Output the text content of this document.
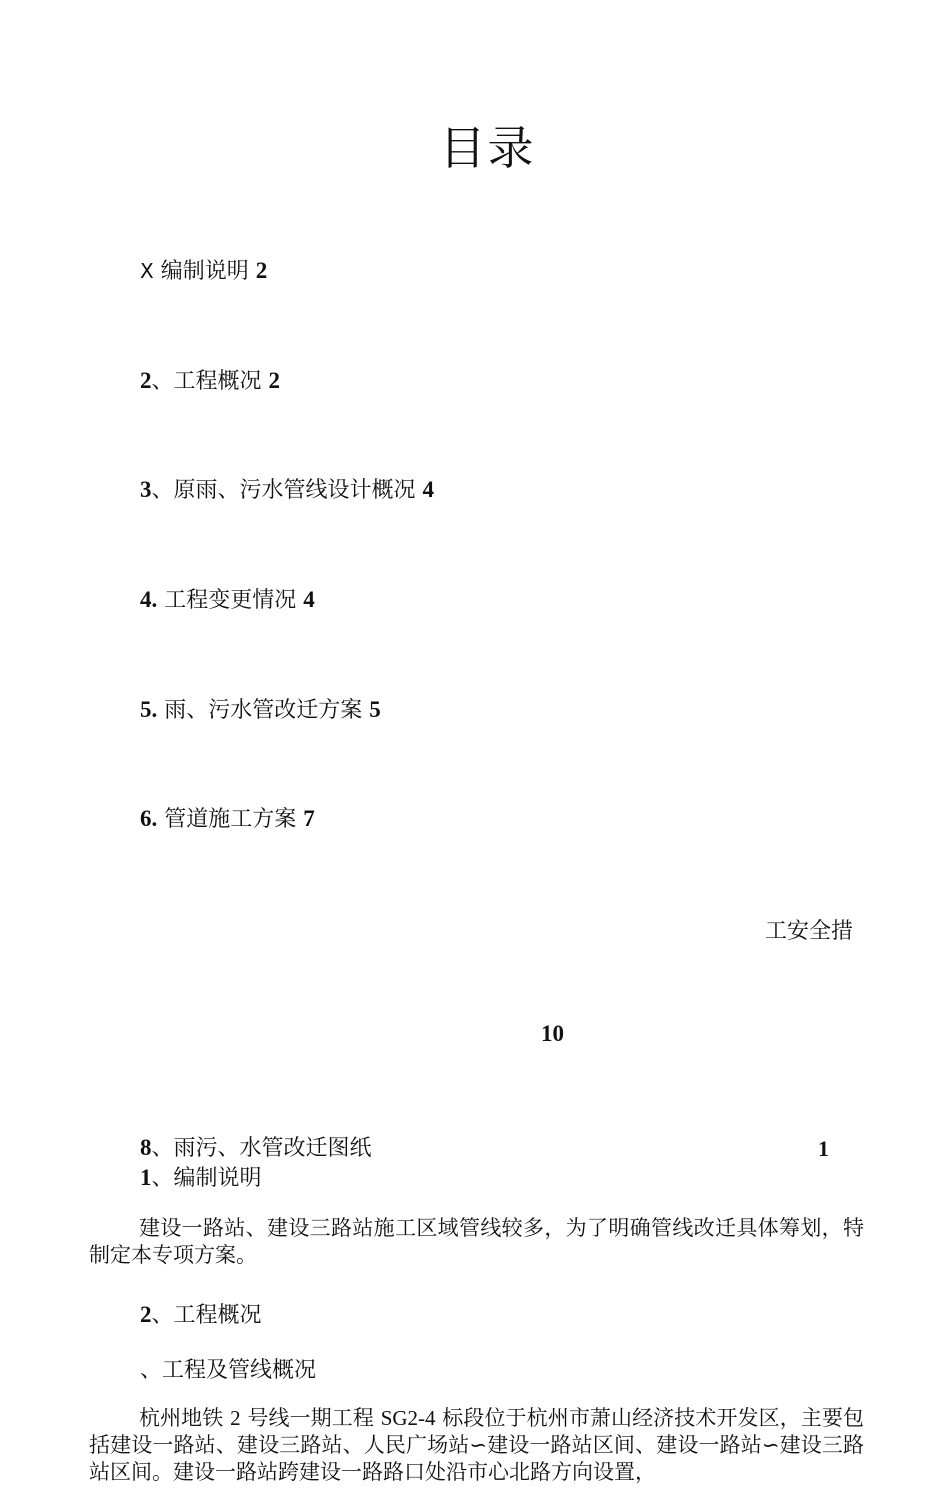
目录
X 编制说明 2
2、工程概况 2
3、原雨、污水管线设计概况 4
4. 工程变更情况 4
5. 雨、污水管改迁方案 5
6. 管道施工方案 7
工安全措
10
8、雨污、水管改迁图纸	1
1、编制说明
建设一路站、建设三路站施工区域管线较多，为了明确管线改迁具体筹划，特制定本专项方案。
2、工程概况
、工程及管线概况
杭州地铁 2 号线一期工程 SG2-4 标段位于杭州市萧山经济技术开发区，主要包括建设一路站、建设三路站、人民广场站∽建设一路站区间、建设一路站∽建设三路站区间。建设一路站跨建设一路路口处沿市心北路方向设置，
